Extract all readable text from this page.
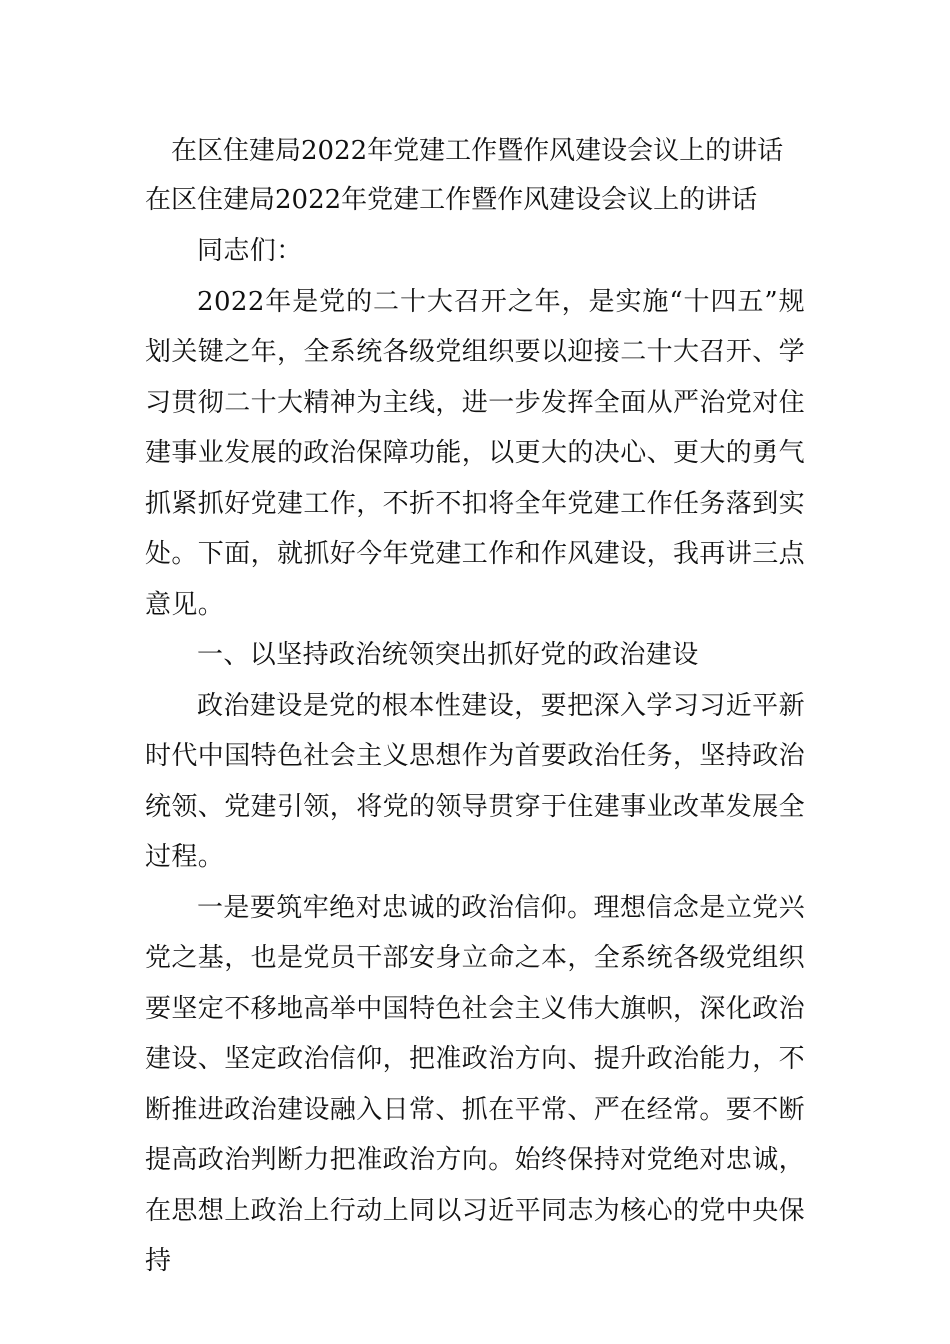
在区住建局2022年党建工作暨作风建设会议上的讲话
在区住建局2022年党建工作暨作风建设会议上的讲话

同志们：

2022年是党的二十大召开之年，是实施“十四五”规划关键之年，全系统各级党组织要以迎接二十大召开、学习贯彻二十大精神为主线，进一步发挥全面从严治党对住建事业发展的政治保障功能，以更大的决心、更大的勇气抓紧抓好党建工作，不折不扣将全年党建工作任务落到实处。下面，就抓好今年党建工作和作风建设，我再讲三点意见。

一、以坚持政治统领突出抓好党的政治建设

政治建设是党的根本性建设，要把深入学习习近平新时代中国特色社会主义思想作为首要政治任务，坚持政治统领、党建引领，将党的领导贯穿于住建事业改革发展全过程。

一是要筑牢绝对忠诚的政治信仰。理想信念是立党兴党之基，也是党员干部安身立命之本，全系统各级党组织要坚定不移地高举中国特色社会主义伟大旗帜，深化政治建设、坚定政治信仰，把准政治方向、提升政治能力，不断推进政治建设融入日常、抓在平常、严在经常。要不断提高政治判断力把准政治方向。始终保持对党绝对忠诚，在思想上政治上行动上同以习近平同志为核心的党中央保持
